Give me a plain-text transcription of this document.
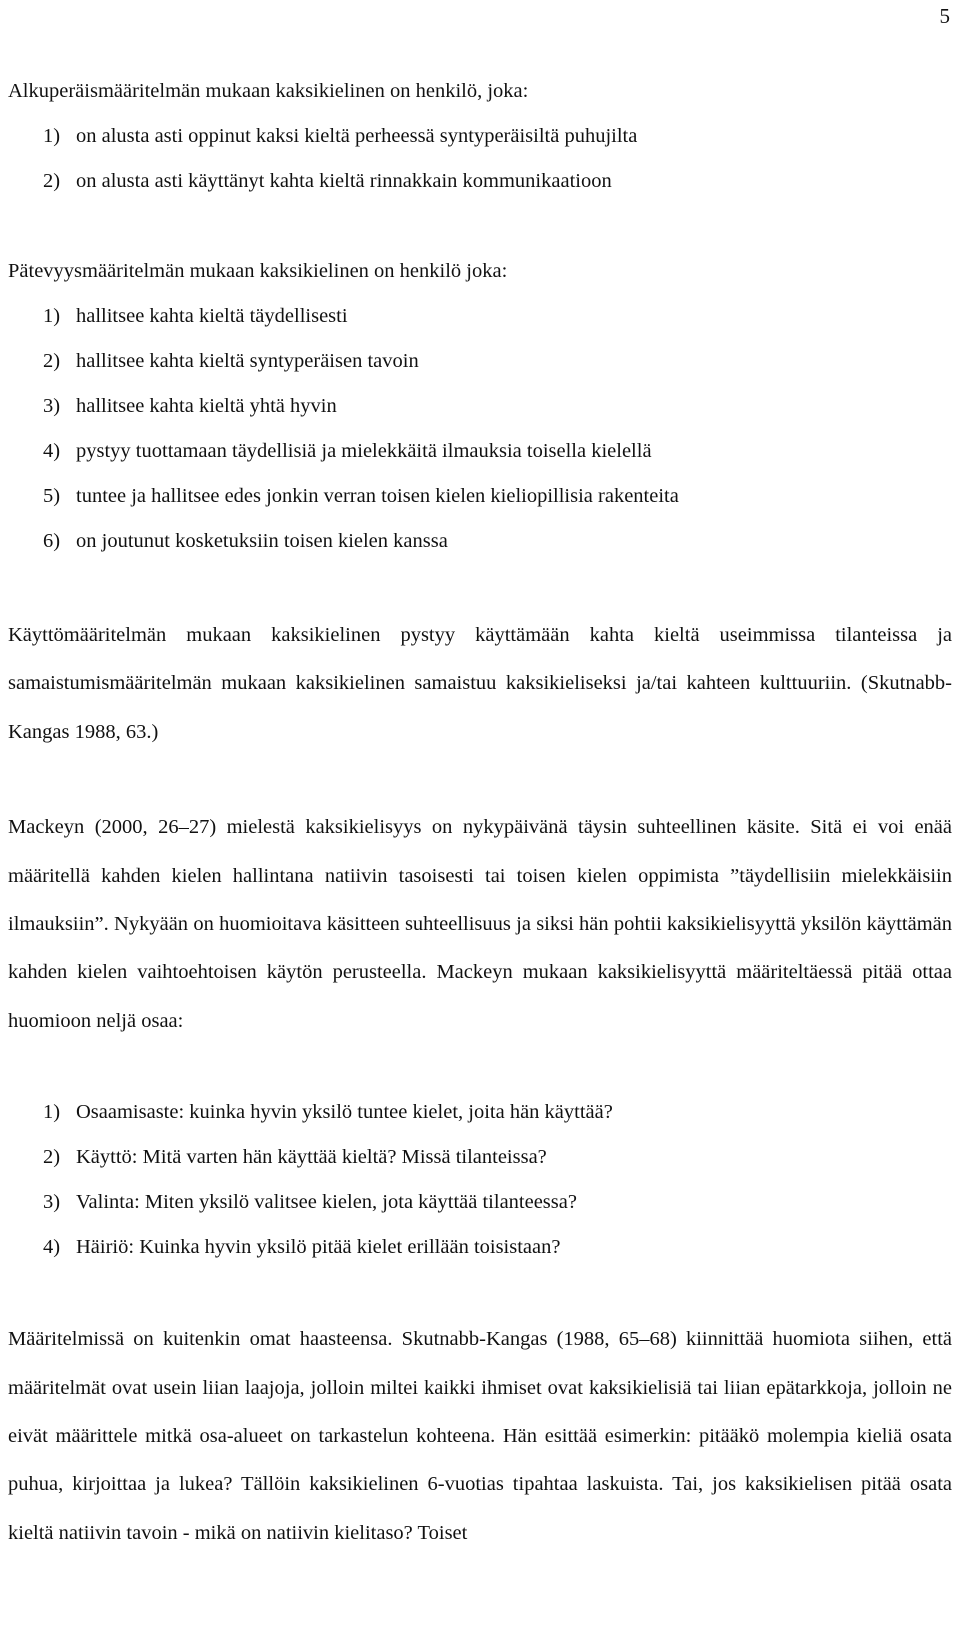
5
Alkuperäismääritelmän mukaan kaksikielinen on henkilö, joka:
1) on alusta asti oppinut kaksi kieltä perheessä syntyperäisiltä puhujilta
2) on alusta asti käyttänyt kahta kieltä rinnakkain kommunikaatioon
Pätevyysmääritelmän mukaan kaksikielinen on henkilö joka:
1) hallitsee kahta kieltä täydellisesti
2) hallitsee kahta kieltä syntyperäisen tavoin
3) hallitsee kahta kieltä yhtä hyvin
4) pystyy tuottamaan täydellisiä ja mielekkäitä ilmauksia toisella kielellä
5) tuntee ja hallitsee edes jonkin verran toisen kielen kieliopillisia rakenteita
6) on joutunut kosketuksiin toisen kielen kanssa

Käyttömääritelmän mukaan kaksikielinen pystyy käyttämään kahta kieltä useimmissa tilanteissa ja samaistumismääritelmän mukaan kaksikielinen samaistuu kaksikieliseksi ja/tai kahteen kulttuuriin. (Skutnabb-Kangas 1988, 63.)

Mackeyn (2000, 26–27) mielestä kaksikielisyys on nykypäivänä täysin suhteellinen käsite. Sitä ei voi enää määritellä kahden kielen hallintana natiivin tasoisesti tai toisen kielen oppimista ”täydellisiin mielekkäisiin ilmauksiin”. Nykyään on huomioitava käsitteen suhteellisuus ja siksi hän pohtii kaksikielisyyttä yksilön käyttämän kahden kielen vaihtoehtoisen käytön perusteella. Mackeyn mukaan kaksikielisyyttä määriteltäessä pitää ottaa huomioon neljä osaa:

1) Osaamisaste: kuinka hyvin yksilö tuntee kielet, joita hän käyttää?
2) Käyttö: Mitä varten hän käyttää kieltä? Missä tilanteissa?
3) Valinta: Miten yksilö valitsee kielen, jota käyttää tilanteessa?
4) Häiriö: Kuinka hyvin yksilö pitää kielet erillään toisistaan?

Määritelmissä on kuitenkin omat haasteensa. Skutnabb-Kangas (1988, 65–68) kiinnittää huomiota siihen, että määritelmät ovat usein liian laajoja, jolloin miltei kaikki ihmiset ovat kaksikielisiä tai liian epätarkkoja, jolloin ne eivät määrittele mitkä osa-alueet on tarkastelun kohteena. Hän esittää esimerkin: pitääkö molempia kieliä osata puhua, kirjoittaa ja lukea? Tällöin kaksikielinen 6-vuotias tipahtaa laskuista. Tai, jos kaksikielisen pitää osata kieltä natiivin tavoin - mikä on natiivin kielitaso? Toiset
